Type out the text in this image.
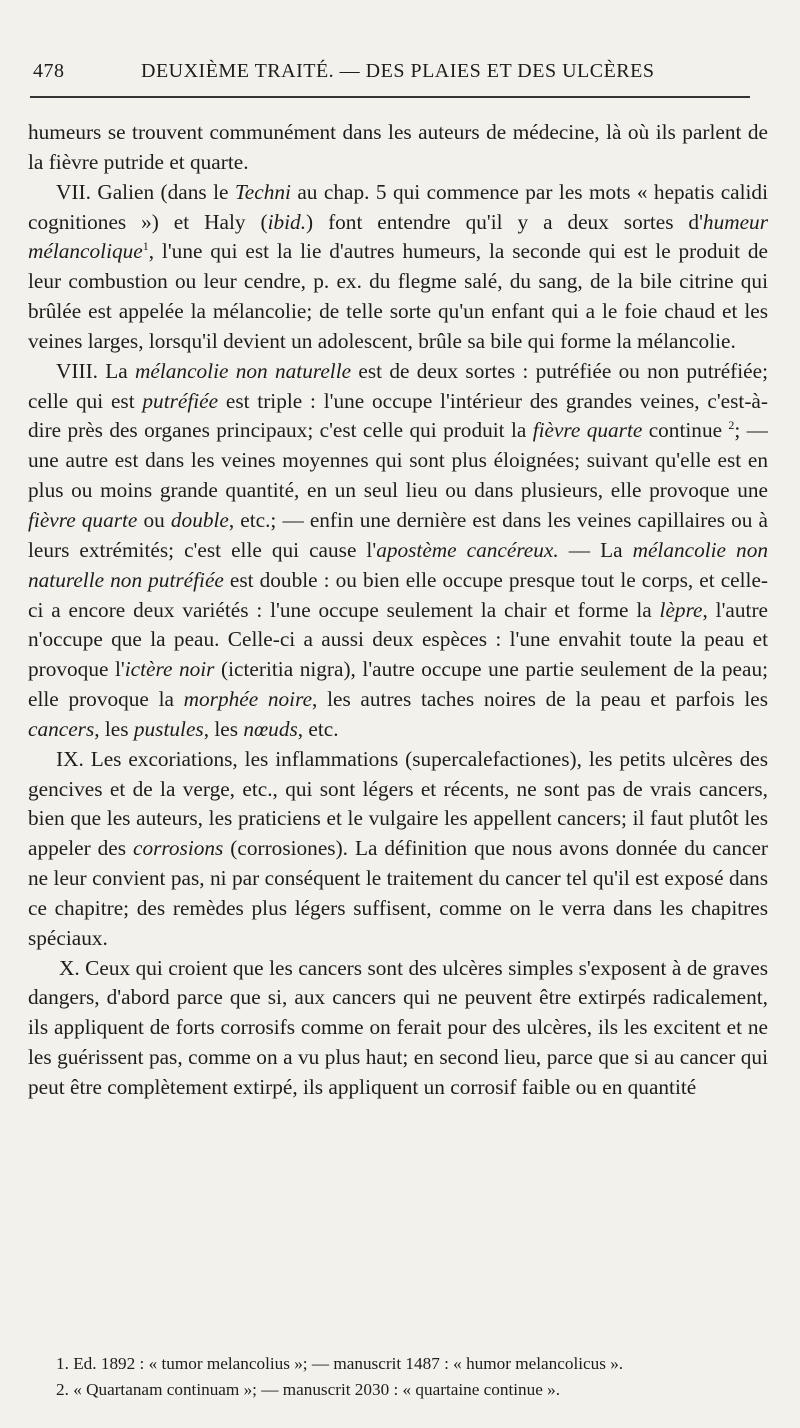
478	DEUXIÈME TRAITÉ. — DES PLAIES ET DES ULCÈRES

humeurs se trouvent communément dans les auteurs de médecine, là où ils parlent de la fièvre putride et quarte.

VII. Galien (dans le Techni au chap. 5 qui commence par les mots « hepatis calidi cognitiones ») et Haly (ibid.) font entendre qu'il y a deux sortes d'humeur mélancolique$^1$, l'une qui est la lie d'autres humeurs, la seconde qui est le produit de leur combustion ou leur cendre, p. ex. du flegme salé, du sang, de la bile citrine qui brûlée est appelée la mélancolie; de telle sorte qu'un enfant qui a le foie chaud et les veines larges, lorsqu'il devient un adolescent, brûle sa bile qui forme la mélancolie.

VIII. La mélancolie non naturelle est de deux sortes : putréfiée ou non putréfiée; celle qui est putréfiée est triple : l'une occupe l'intérieur des grandes veines, c'est-à-dire près des organes principaux; c'est celle qui produit la fièvre quarte continue $^2$; — une autre est dans les veines moyennes qui sont plus éloignées; suivant qu'elle est en plus ou moins grande quantité, en un seul lieu ou dans plusieurs, elle provoque une fièvre quarte ou double, etc.; — enfin une dernière est dans les veines capillaires ou à leurs extrémités; c'est elle qui cause l'apostème cancéreux. — La mélancolie non naturelle non putréfiée est double : ou bien elle occupe presque tout le corps, et celle-ci a encore deux variétés : l'une occupe seulement la chair et forme la lèpre, l'autre n'occupe que la peau. Celle-ci a aussi deux espèces : l'une envahit toute la peau et provoque l'ictère noir (icteritia nigra), l'autre occupe une partie seulement de la peau; elle provoque la morphée noire, les autres taches noires de la peau et parfois les cancers, les pustules, les nœuds, etc.

IX. Les excoriations, les inflammations (supercalefactiones), les petits ulcères des gencives et de la verge, etc., qui sont légers et récents, ne sont pas de vrais cancers, bien que les auteurs, les praticiens et le vulgaire les appellent cancers; il faut plutôt les appeler des corrosions (corrosiones). La définition que nous avons donnée du cancer ne leur convient pas, ni par conséquent le traitement du cancer tel qu'il est exposé dans ce chapitre; des remèdes plus légers suffisent, comme on le verra dans les chapitres spéciaux.

X. Ceux qui croient que les cancers sont des ulcères simples s'exposent à de graves dangers, d'abord parce que si, aux cancers qui ne peuvent être extirpés radicalement, ils appliquent de forts corrosifs comme on ferait pour des ulcères, ils les excitent et ne les guérissent pas, comme on a vu plus haut; en second lieu, parce que si au cancer qui peut être complètement extirpé, ils appliquent un corrosif faible ou en quantité

1. Ed. 1892 : « tumor melancolius »; — manuscrit 1487 : « humor melancolicus ».

2. « Quartanam continuam »; — manuscrit 2030 : « quartaine continue ».
